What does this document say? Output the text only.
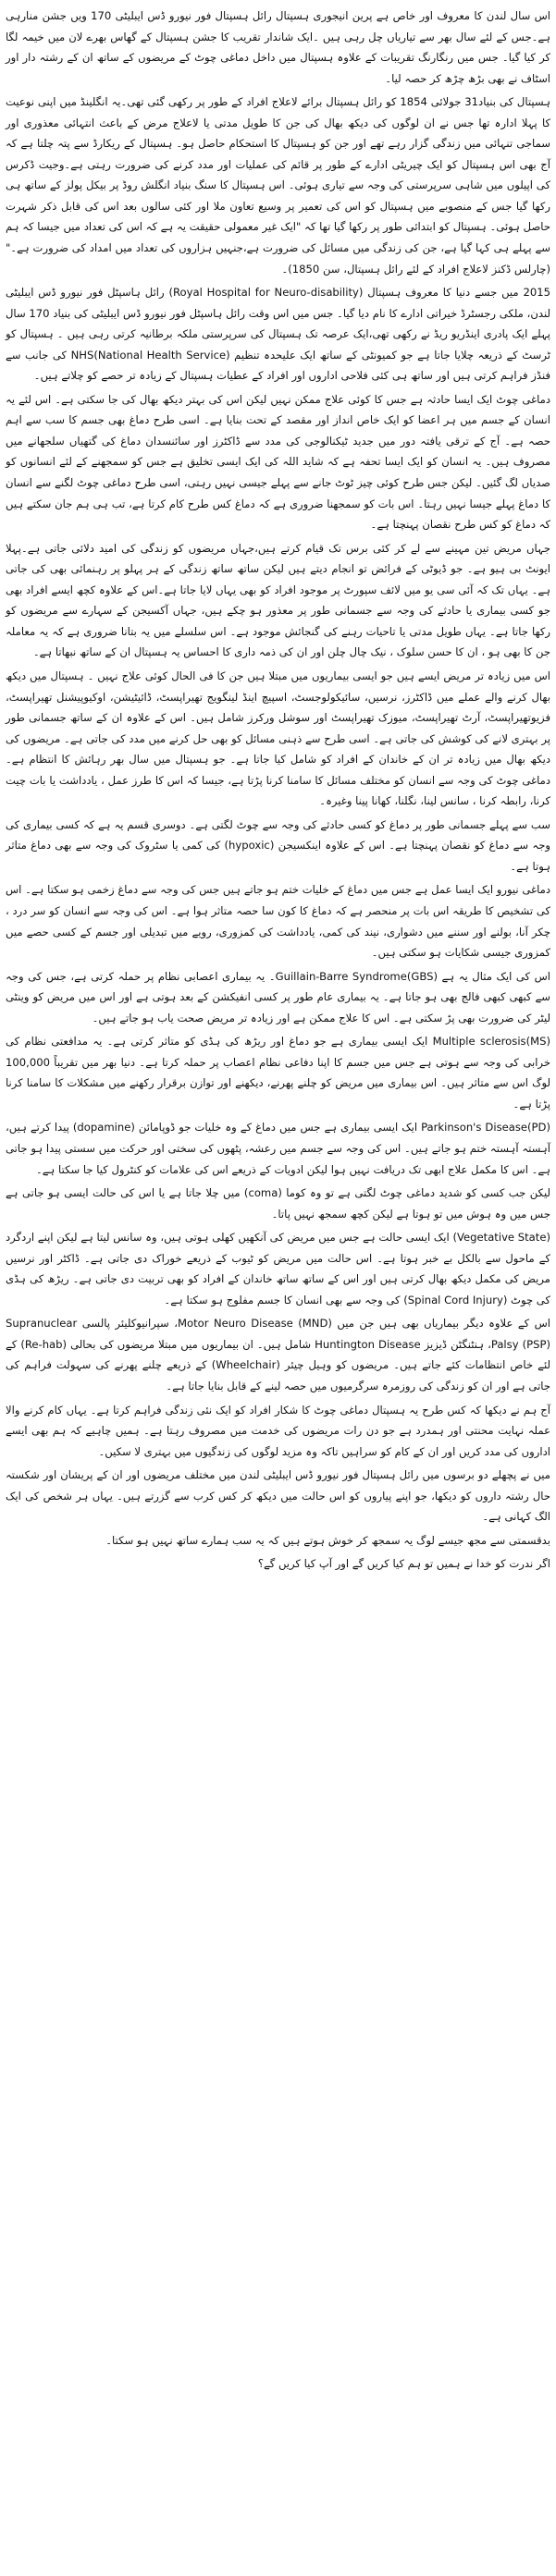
اس سال لندن کا معروف اور خاص ہے پرین انیجوری ہسپتال رائل ہسپتال فور نیورو ڈس ایبلیٹی 170 ویں جشن منارہی ہے۔جس کے لئے سال بھر سے تیاریاں چل رہی ہیں ۔ایک شاندار تقریب کا جشن ہسپتال کے گھاس بھرے لان میں خیمہ لگا کر کیا گیا۔ جس میں رنگارنگ تقریبات کے علاوہ ہسپتال میں داخل دماغی چوٹ کے مریضوں کے ساتھ ان کے رشتہ دار اور اسٹاف نے بھی بڑھ چڑھ کر حصہ لیا۔

ہسپتال کی بنیاد31 جولائی 1854 کو رائل ہسپتال برائے لاعلاج افراد کے طور پر رکھی گئی تھی۔یہ انگلینڈ میں اپنی نوعیت کا پہلا ادارہ تھا جس نے ان لوگوں کی دیکھ بھال کی جن کا طویل مدتی یا لاعلاج مرض کے باعث انتہائی معذوری اور سماجی تنہائی میں زندگی گزار رہے تھے اور جن کو ہسپتال کا استحکام حاصل ہو۔ ہسپتال کے ریکارڈ سے پتہ چلتا ہے کہ آج بھی اس ہسپتال کو ایک چیریٹی ادارے کے طور پر قائم کی عملیات اور مدد کرنے کی ضرورت رہتی ہے۔وجیت ڈکرس کی اپیلوں میں شاہی سرپرستی کی وجہ سے تیاری ہوئی۔ اس ہسپتال کا سنگ بنیاد انگلش روڈ پر بیکل پولز کے ساتھ ہی رکھا گیا جس کے منصوبے میں ہسپتال کو اس کی تعمیر پر وسیع تعاون ملا اور کئی سالوں بعد اس کی قابل ذکر شہرت حاصل ہوئی۔ ہسپتال کو ابتدائی طور پر رکھا گیا تھا کہ "ایک غیر معمولی حقیقت یہ ہے کہ اس کی تعداد میں جیسا کہ ہم سے پہلے ہی کہا گیا ہے، جن کی زندگی میں مسائل کی ضرورت ہے،جنہیں ہزاروں کی تعداد میں امداد کی ضرورت ہے۔"(چارلس ڈکنز لاعلاج افراد کے لئے رائل ہسپتال، سن 1850)۔

2015 میں جسے دنیا کا معروف ہسپتال (Royal Hospital for Neuro-disability) رائل ہاسپٹل فور نیورو ڈس ایبلیٹی لندن، ملکی رجسٹرڈ خیراتی ادارے کا نام دیا گیا۔ جس میں اس وقت رائل ہاسپٹل فور نیورو ڈس ایبلیٹی کی بنیاد 170 سال پہلے ایک پادری اینڈریو ریڈ نے رکھی تھی،ایک عرصہ تک ہسپتال کی سرپرستی ملکہ برطانیہ کرتی رہی ہیں ۔ ہسپتال کو ٹرسٹ کے ذریعہ چلایا جاتا ہے جو کمیونٹی کے ساتھ ایک علیحدہ تنظیم NHS(National Health Service) کی جانب سے فنڈز فراہم کرتی ہیں اور ساتھ ہی کئی فلاحی اداروں اور افراد کے عطیات ہسپتال کے زیادہ تر حصے کو چلاتے ہیں۔

دماغی چوٹ ایک ایسا حادثہ ہے جس کا کوئی علاج ممکن نہیں لیکن اس کی بہتر دیکھ بھال کی جا سکتی ہے۔ اس لئے یہ انسان کے جسم میں ہر اعضا کو ایک خاص انداز اور مقصد کے تحت بنایا ہے۔ اسی طرح دماغ بھی جسم کا سب سے اہم حصہ ہے۔ آج کے ترقی یافتہ دور میں جدید ٹیکنالوجی کی مدد سے ڈاکٹرز اور سائنسدان دماغ کی گتھیاں سلجھانے میں مصروف ہیں۔ یہ انسان کو ایک ایسا تحفہ ہے کہ شاید اللہ کی ایک ایسی تخلیق ہے جس کو سمجھنے کے لئے انسانوں کو صدیاں لگ گئیں۔ لیکن جس طرح کوئی چیز ٹوٹ جانے سے پہلے جیسی نہیں رہتی، اسی طرح دماغی چوٹ لگنے سے انسان کا دماغ پہلے جیسا نہیں رہتا۔ اس بات کو سمجھنا ضروری ہے کہ دماغ کس طرح کام کرتا ہے، تب ہی ہم جان سکتے ہیں کہ دماغ کو کس طرح نقصان پہنچتا ہے۔

جہاں مریض تین مہینے سے لے کر کئی برس تک قیام کرتے ہیں،جہاں مریضوں کو زندگی کی امید دلائی جاتی ہے۔پہلا ایونٹ بی ہیو ہے۔ جو ڈیوٹی کے فرائض تو انجام دیتے ہیں لیکن ساتھ ساتھ زندگی کے ہر پہلو پر رہنمائی بھی کی جاتی ہے۔ یہاں تک کہ آئی سی یو میں لائف سپورٹ پر موجود افراد کو بھی یہاں لایا جاتا ہے۔اس کے علاوہ کچھ ایسے افراد بھی جو کسی بیماری یا حادثے کی وجہ سے جسمانی طور پر معذور ہو چکے ہیں، جہاں آکسیجن کے سہارے سے مریضوں کو رکھا جاتا ہے۔ یہاں طویل مدتی یا تاحیات رہنے کی گنجائش موجود ہے۔ اس سلسلے میں یہ بتانا ضروری ہے کہ یہ معاملہ جن کا بھی ہو ، ان کا حسن سلوک ، نیک چال چلن اور ان کی ذمہ داری کا احساس یہ ہسپتال ان کے ساتھ نبھاتا ہے۔

اس میں زیادہ تر مریض ایسے ہیں جو ایسی بیماریوں میں مبتلا ہیں جن کا فی الحال کوئی علاج نہیں ۔ ہسپتال میں دیکھ بھال کرنے والے عملے میں ڈاکٹرز، نرسیں، سائیکولوجسٹ، اسپیچ اینڈ لینگویج تھیراپسٹ، ڈائیٹیشن، اوکیوپیشنل تھیراپسٹ، فزیوتھیراپسٹ، آرٹ تھیراپسٹ، میوزک تھیراپسٹ اور سوشل ورکرز شامل ہیں۔ اس کے علاوہ ان کے ساتھ جسمانی طور پر بہتری لانے کی کوشش کی جاتی ہے۔ اسی طرح سے ذہنی مسائل کو بھی حل کرنے میں مدد کی جاتی ہے۔ مریضوں کی دیکھ بھال میں زیادہ تر ان کے خاندان کے افراد کو شامل کیا جاتا ہے۔ جو ہسپتال میں سال بھر رہائش کا انتظام ہے۔ دماغی چوٹ کی وجہ سے انسان کو مختلف مسائل کا سامنا کرنا پڑتا ہے، جیسا کہ اس کا طرز عمل ، یادداشت یا بات چیت کرنا، رابطہ کرنا ، سانس لینا، نگلنا، کھانا پینا وغیرہ۔

سب سے پہلے جسمانی طور پر دماغ کو کسی حادثے کی وجہ سے چوٹ لگتی ہے۔ دوسری قسم یہ ہے کہ کسی بیماری کی وجہ سے دماغ کو نقصان پہنچتا ہے۔ اس کے علاوہ اینکسیجن (hypoxic) کی کمی یا سٹروک کی وجہ سے بھی دماغ متاثر ہوتا ہے۔

دماغی نیورو ایک ایسا عمل ہے جس میں دماغ کے خلیات ختم ہو جاتے ہیں جس کی وجہ سے دماغ زخمی ہو سکتا ہے۔ اس کی تشخیص کا طریقہ اس بات پر منحصر ہے کہ دماغ کا کون سا حصہ متاثر ہوا ہے۔ اس کی وجہ سے انسان کو سر درد ، چکر آنا، بولنے اور سننے میں دشواری، نیند کی کمی، یادداشت کی کمزوری، رویے میں تبدیلی اور جسم کے کسی حصے میں کمزوری جیسی شکایات ہو سکتی ہیں۔

اس کی ایک مثال یہ ہے Guillain-Barre Syndrome(GBS)۔ یہ بیماری اعصابی نظام پر حملہ کرتی ہے، جس کی وجہ سے کبھی کبھی فالج بھی ہو جاتا ہے۔ یہ بیماری عام طور پر کسی انفیکشن کے بعد ہوتی ہے اور اس میں مریض کو وینٹی لیٹر کی ضرورت بھی پڑ سکتی ہے۔ اس کا علاج ممکن ہے اور زیادہ تر مریض صحت یاب ہو جاتے ہیں۔

Multiple sclerosis(MS) ایک ایسی بیماری ہے جو دماغ اور ریڑھ کی ہڈی کو متاثر کرتی ہے۔ یہ مدافعتی نظام کی خرابی کی وجہ سے ہوتی ہے جس میں جسم کا اپنا دفاعی نظام اعصاب پر حملہ کرتا ہے۔ دنیا بھر میں تقریباً 100,000 لوگ اس سے متاثر ہیں۔ اس بیماری میں مریض کو چلنے پھرنے، دیکھنے اور توازن برقرار رکھنے میں مشکلات کا سامنا کرنا پڑتا ہے۔

Parkinson's Disease(PD) ایک ایسی بیماری ہے جس میں دماغ کے وہ خلیات جو ڈوپامائن (dopamine) پیدا کرتے ہیں، آہستہ آہستہ ختم ہو جاتے ہیں۔ اس کی وجہ سے جسم میں رعشہ، پٹھوں کی سختی اور حرکت میں سستی پیدا ہو جاتی ہے۔ اس کا مکمل علاج ابھی تک دریافت نہیں ہوا لیکن ادویات کے ذریعے اس کی علامات کو کنٹرول کیا جا سکتا ہے۔

لیکن جب کسی کو شدید دماغی چوٹ لگتی ہے تو وہ کوما (coma) میں چلا جاتا ہے یا اس کی حالت ایسی ہو جاتی ہے جس میں وہ ہوش میں تو ہوتا ہے لیکن کچھ سمجھ نہیں پاتا۔

(Vegetative State) ایک ایسی حالت ہے جس میں مریض کی آنکھیں کھلی ہوتی ہیں، وہ سانس لیتا ہے لیکن اپنے اردگرد کے ماحول سے بالکل بے خبر ہوتا ہے۔ اس حالت میں مریض کو ٹیوب کے ذریعے خوراک دی جاتی ہے۔ ڈاکٹر اور نرسیں مریض کی مکمل دیکھ بھال کرتی ہیں اور اس کے ساتھ ساتھ خاندان کے افراد کو بھی تربیت دی جاتی ہے۔ ریڑھ کی ہڈی کی چوٹ (Spinal Cord Injury) کی وجہ سے بھی انسان کا جسم مفلوج ہو سکتا ہے۔

اس کے علاوہ دیگر بیماریاں بھی ہیں جن میں Motor Neuro Disease (MND)، سپرانیوکلیئر پالسی Supranuclear Palsy (PSP)، ہنٹنگٹن ڈیزیز Huntington Disease شامل ہیں۔ ان بیماریوں میں مبتلا مریضوں کی بحالی (Re-hab) کے لئے خاص انتظامات کئے جاتے ہیں۔ مریضوں کو وہیل چیئر (Wheelchair) کے ذریعے چلنے پھرنے کی سہولت فراہم کی جاتی ہے اور ان کو زندگی کی روزمرہ سرگرمیوں میں حصہ لینے کے قابل بنایا جاتا ہے۔

آج ہم نے دیکھا کہ کس طرح یہ ہسپتال دماغی چوٹ کا شکار افراد کو ایک نئی زندگی فراہم کرتا ہے۔ یہاں کام کرنے والا عملہ نہایت محنتی اور ہمدرد ہے جو دن رات مریضوں کی خدمت میں مصروف رہتا ہے۔ ہمیں چاہیے کہ ہم بھی ایسے اداروں کی مدد کریں اور ان کے کام کو سراہیں تاکہ وہ مزید لوگوں کی زندگیوں میں بہتری لا سکیں۔

میں نے پچھلے دو برسوں میں رائل ہسپتال فور نیورو ڈس ایبلیٹی لندن میں مختلف مریضوں اور ان کے پریشان اور شکستہ حال رشتہ داروں کو دیکھا، جو اپنے پیاروں کو اس حالت میں دیکھ کر کس کرب سے گزرتے ہیں۔ یہاں ہر شخص کی ایک الگ کہانی ہے۔

بدقسمتی سے مجھ جیسے لوگ یہ سمجھ کر خوش ہوتے ہیں کہ یہ سب ہمارے ساتھ نہیں ہو سکتا۔

اگر ندرت کو خدا نے ہمیں تو ہم کیا کریں گے اور آپ کیا کریں گے؟
